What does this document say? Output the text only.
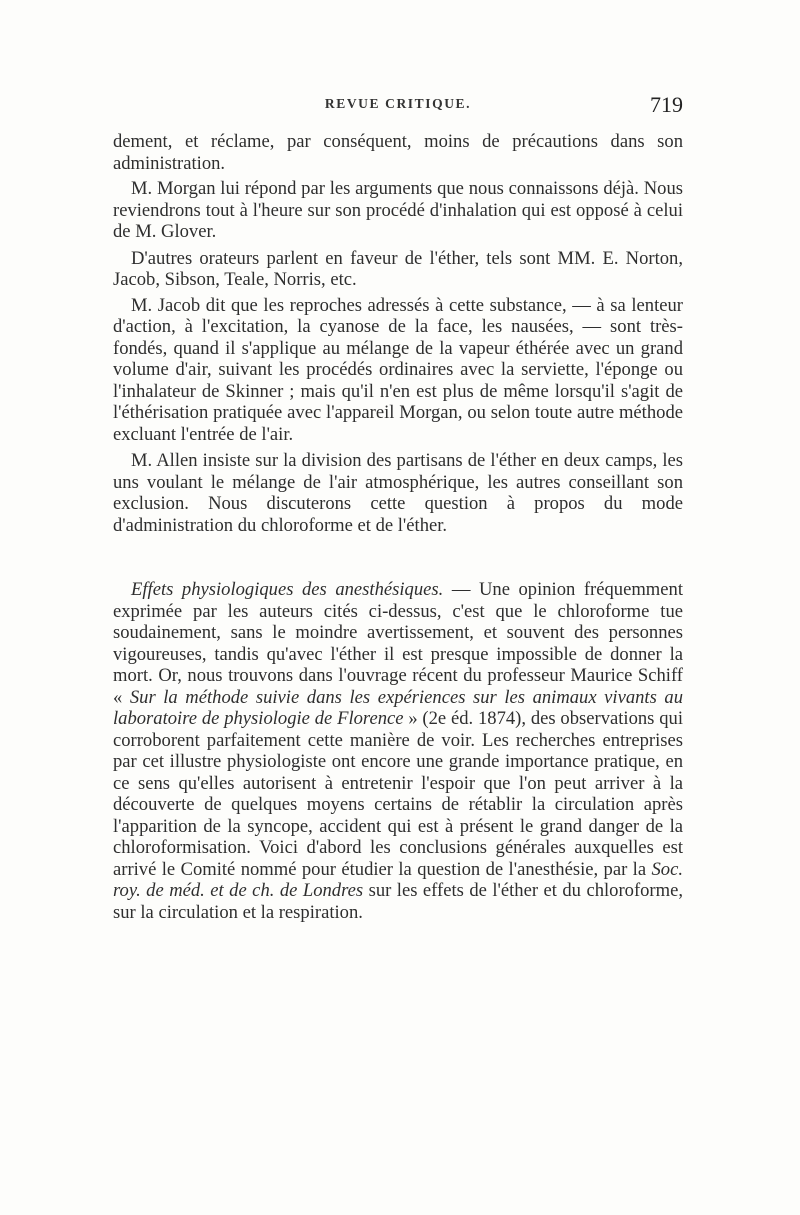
REVUE CRITIQUE.	719

dement, et réclame, par conséquent, moins de précautions dans son administration.

M. Morgan lui répond par les arguments que nous connaissons déjà. Nous reviendrons tout à l'heure sur son procédé d'inhalation qui est opposé à celui de M. Glover.

D'autres orateurs parlent en faveur de l'éther, tels sont MM. E. Norton, Jacob, Sibson, Teale, Norris, etc.

M. Jacob dit que les reproches adressés à cette substance, — à sa lenteur d'action, à l'excitation, la cyanose de la face, les nausées, — sont très-fondés, quand il s'applique au mélange de la vapeur éthérée avec un grand volume d'air, suivant les procédés ordinaires avec la serviette, l'éponge ou l'inhalateur de Skinner ; mais qu'il n'en est plus de même lorsqu'il s'agit de l'éthérisation pratiquée avec l'appareil Morgan, ou selon toute autre méthode excluant l'entrée de l'air.

M. Allen insiste sur la division des partisans de l'éther en deux camps, les uns voulant le mélange de l'air atmosphérique, les autres conseillant son exclusion. Nous discuterons cette question à propos du mode d'administration du chloroforme et de l'éther.

Effets physiologiques des anesthésiques. — Une opinion fréquemment exprimée par les auteurs cités ci-dessus, c'est que le chloroforme tue soudainement, sans le moindre avertissement, et souvent des personnes vigoureuses, tandis qu'avec l'éther il est presque impossible de donner la mort. Or, nous trouvons dans l'ouvrage récent du professeur Maurice Schiff « Sur la méthode suivie dans les expériences sur les animaux vivants au laboratoire de physiologie de Florence » (2e éd. 1874), des observations qui corroborent parfaitement cette manière de voir. Les recherches entreprises par cet illustre physiologiste ont encore une grande importance pratique, en ce sens qu'elles autorisent à entretenir l'espoir que l'on peut arriver à la découverte de quelques moyens certains de rétablir la circulation après l'apparition de la syncope, accident qui est à présent le grand danger de la chloroformisation. Voici d'abord les conclusions générales auxquelles est arrivé le Comité nommé pour étudier la question de l'anesthésie, par la Soc. roy. de méd. et de ch. de Londres sur les effets de l'éther et du chloroforme, sur la circulation et la respiration.
